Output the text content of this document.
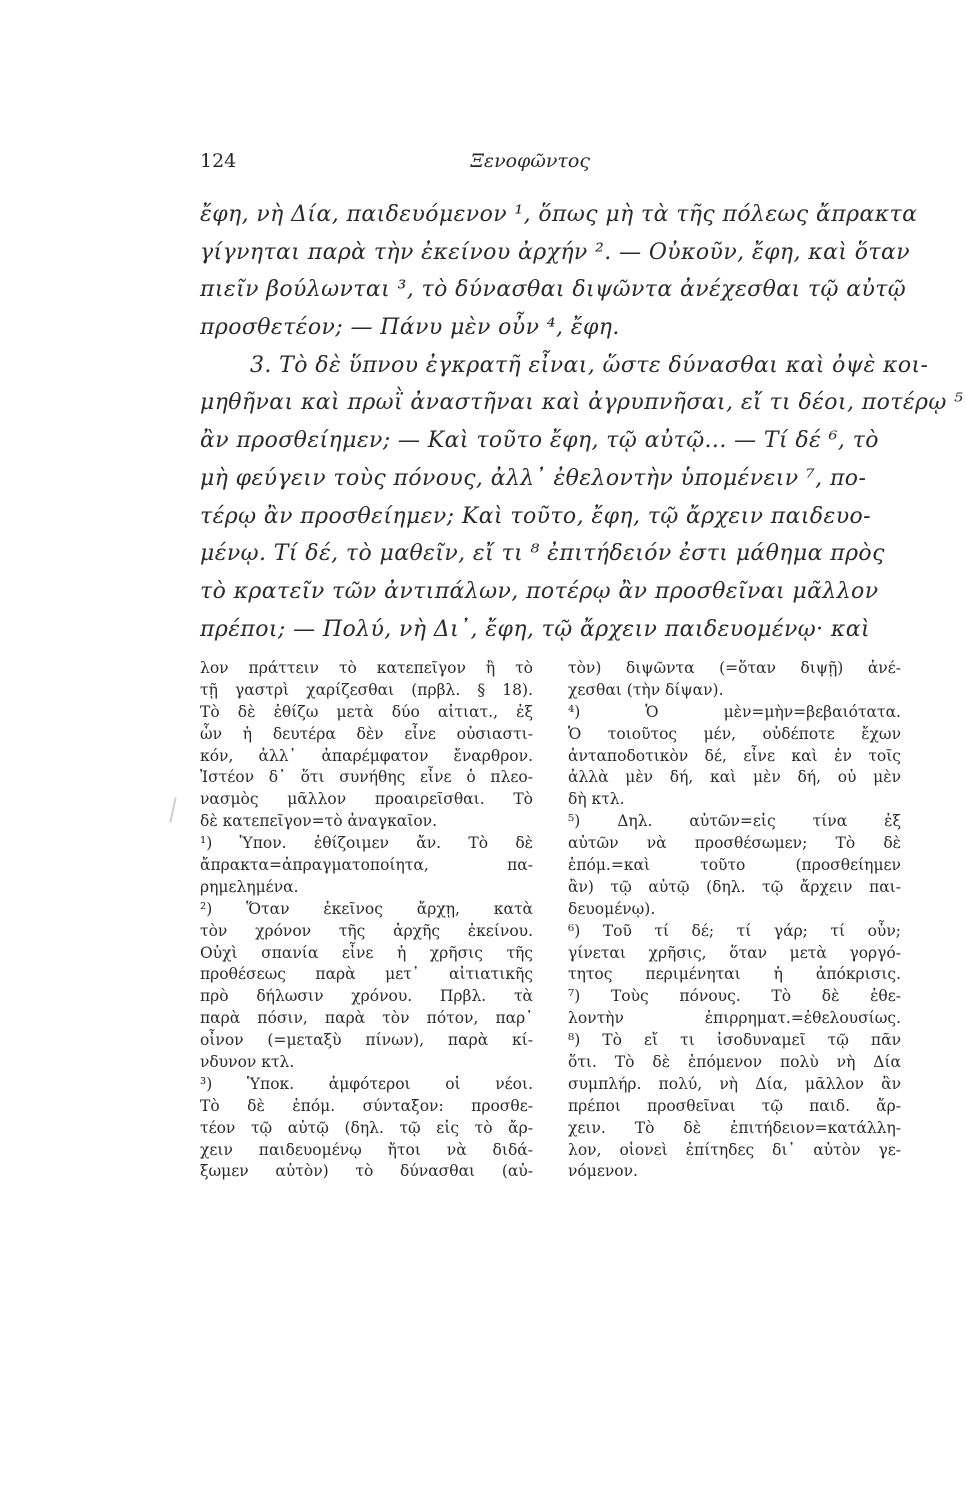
124	Ξενοφῶντος
ἔφη, νὴ Δία, παιδευόμενον ¹, ὅπως μὴ τὰ τῆς πόλεως ἄπρακτα
γίγνηται παρὰ τὴν ἐκείνου ἀρχήν ². — Οὐκοῦν, ἔφη, καὶ ὅταν
πιεῖν βούλωνται ³, τὸ δύνασθαι διψῶντα ἀνέχεσθαι τῷ αὐτῷ
προσθετέον; — Πάνυ μὲν οὖν ⁴, ἔφη.
3. Τὸ δὲ ὕπνου ἐγκρατῆ εἶναι, ὥστε δύνασθαι καὶ ὀψὲ κοι-
μηθῆναι καὶ πρωῒ ἀναστῆναι καὶ ἀγρυπνῆσαι, εἴ τι δέοι, ποτέρῳ ⁵
ἂν προσθείημεν; — Καὶ τοῦτο ἔφη, τῷ αὐτῷ... — Τί δέ ⁶, τὸ
μὴ φεύγειν τοὺς πόνους, ἀλλ᾽ ἐθελοντὴν ὑπομένειν ⁷, πο-
τέρῳ ἂν προσθείημεν; Καὶ τοῦτο, ἔφη, τῷ ἄρχειν παιδευο-
μένῳ. Τί δέ, τὸ μαθεῖν, εἴ τι ⁸ ἐπιτήδειόν ἐστι μάθημα πρὸς
τὸ κρατεῖν τῶν ἀντιπάλων, ποτέρῳ ἂν προσθεῖναι μᾶλλον
πρέποι; — Πολύ, νὴ Δι᾽, ἔφη, τῷ ἄρχειν παιδευομένῳ· καὶ
λον πράττειν τὸ κατεπεῖγον ἢ τὸ
τῇ γαστρὶ χαρίζεσθαι (πρβλ. § 18).
Τὸ δὲ ἐθίζω μετὰ δύο αἰτιατ., ἐξ
ὧν ἡ δευτέρα δὲν εἶνε οὐσιαστι-
κόν, ἀλλ᾽ ἀπαρέμφατον ἔναρθρον.
Ἰστέον δ᾽ ὅτι συνήθης εἶνε ὁ πλεο-
νασμὸς μᾶλλον προαιρεῖσθαι. Τὸ
δὲ κατεπεῖγον=τὸ ἀναγκαῖον.
¹) Ὑπον. ἐθίζοιμεν ἄν. Τὸ δὲ
ἄπρακτα=ἀπραγματοποίητα, πα-
ρημελημένα.
²) Ὅταν ἐκεῖνος ἄρχῃ, κατὰ
τὸν χρόνον τῆς ἀρχῆς ἐκείνου.
Οὐχὶ σπανία εἶνε ἡ χρῆσις τῆς
προθέσεως παρὰ μετ᾽ αἰτιατικῆς
πρὸ δήλωσιν χρόνου. Πρβλ. τὰ
παρὰ πόσιν, παρὰ τὸν πότον, παρ᾽
οἶνον (=μεταξὺ πίνων), παρὰ κί-
νδυνον κτλ.
³) Ὑποκ. ἀμφότεροι οἱ νέοι.
Τὸ δὲ ἑπόμ. σύνταξον: προσθε-
τέον τῷ αὐτῷ (δηλ. τῷ εἰς τὸ ἄρ-
χειν παιδευομένῳ ἤτοι νὰ διδά-
ξωμεν αὐτὸν) τὸ δύνασθαι (αὐ-
τὸν) διψῶντα (=ὅταν διψῇ) ἀνέ-
χεσθαι (τὴν δίψαν).
⁴) Ὁ μὲν=μὴν=βεβαιότατα.
Ὁ τοιοῦτος μέν, οὐδέποτε ἔχων
ἀνταποδοτικὸν δέ, εἶνε καὶ ἐν τοῖς
ἀλλὰ μὲν δή, καὶ μὲν δή, οὐ μὲν
δὴ κτλ.
⁵) Δηλ. αὐτῶν=εἰς τίνα ἐξ
αὐτῶν νὰ προσθέσωμεν; Τὸ δὲ
ἑπόμ.=καὶ τοῦτο (προσθείημεν
ἂν) τῷ αὐτῷ (δηλ. τῷ ἄρχειν παι-
δευομένῳ).
⁶) Τοῦ τί δέ; τί γάρ; τί οὖν;
γίνεται χρῆσις, ὅταν μετὰ γοργό-
τητος περιμένηται ἡ ἀπόκρισις.
⁷) Τοὺς πόνους. Τὸ δὲ ἐθε-
λοντὴν ἐπιρρηματ.=ἐθελουσίως.
⁸) Τὸ εἴ τι ἰσοδυναμεῖ τῷ πᾶν
ὅτι. Τὸ δὲ ἑπόμενον πολὺ νὴ Δία
συμπλήρ. πολύ, νὴ Δία, μᾶλλον ἂν
πρέποι προσθεῖναι τῷ παιδ. ἄρ-
χειν. Τὸ δὲ ἐπιτήδειον=κατάλλη-
λον, οἱονεὶ ἐπίτηδες δι᾽ αὐτὸν γε-
νόμενον.
